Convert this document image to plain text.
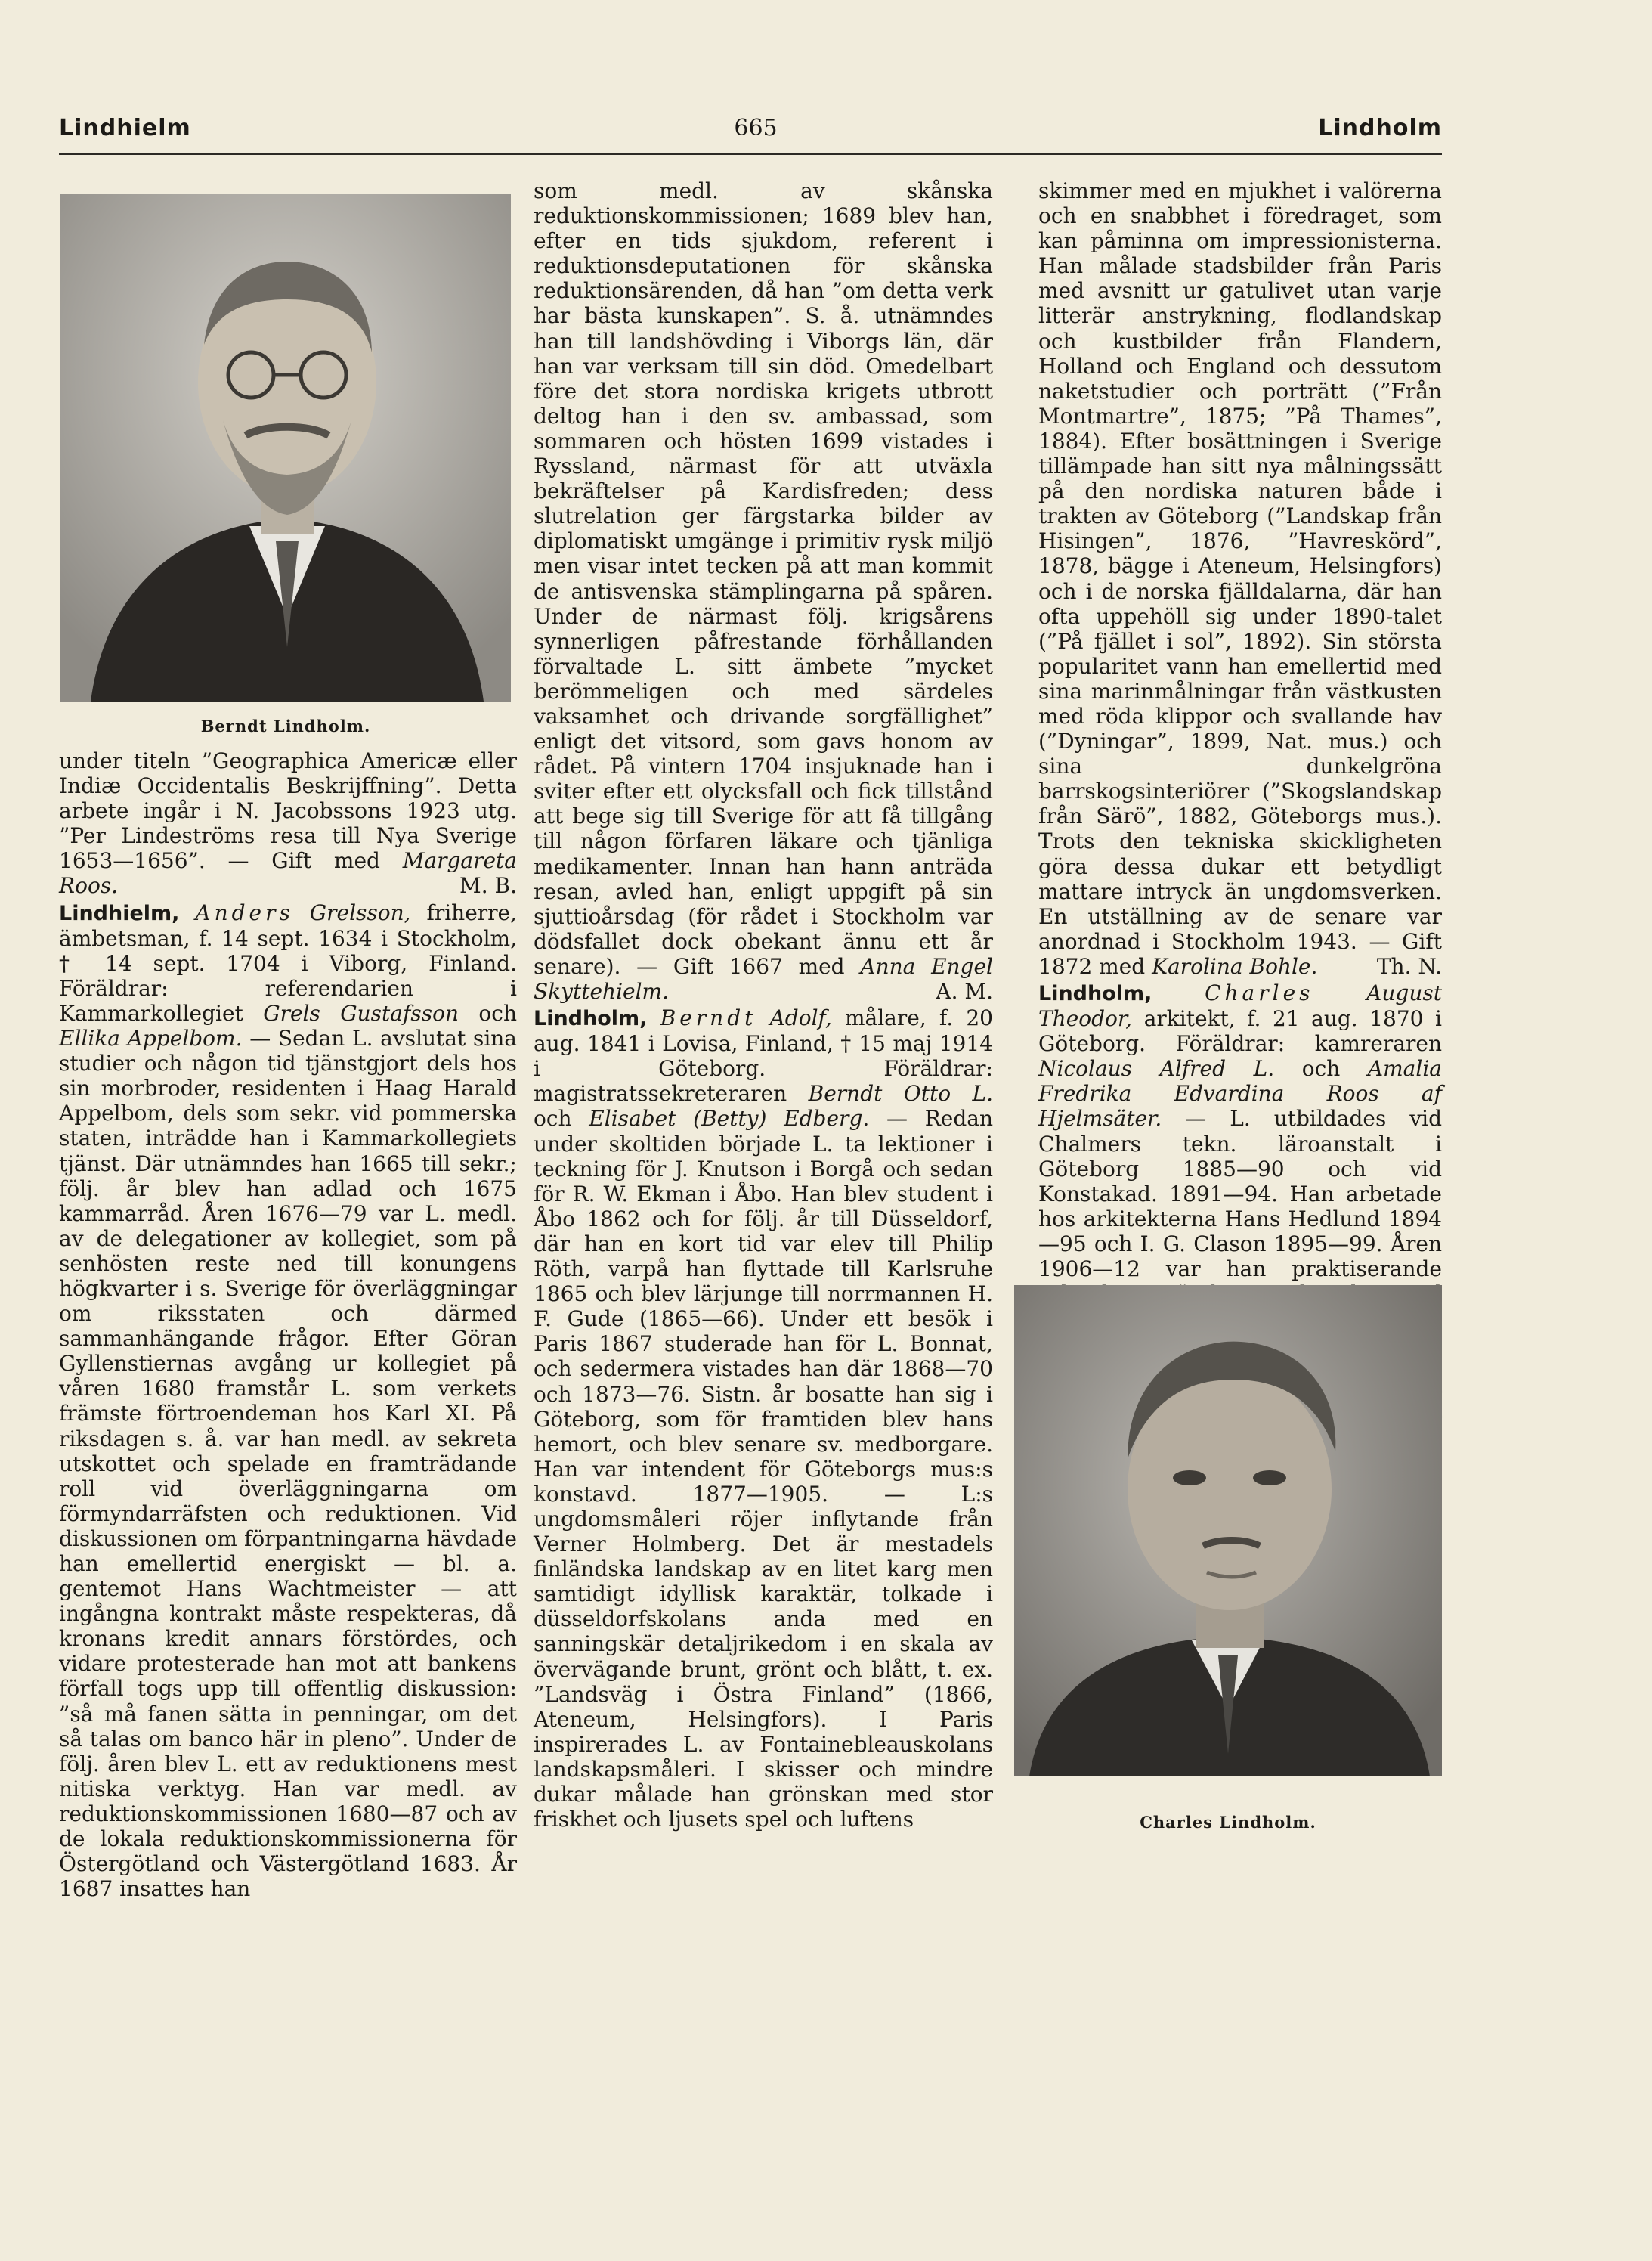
Lindhielm	665	Lindholm
Berndt Lindholm.

under titeln ”Geographica Americæ eller Indiæ Occidentalis Beskrijffning”. Detta arbete ingår i N. Jacobssons 1923 utg. ”Per Lindeströms resa till Nya Sverige 1653—1656”. — Gift med Margareta Roos.	M. B.

Lindhielm, Anders Grelsson, friherre, ämbetsman, f. 14 sept. 1634 i Stockholm, † 14 sept. 1704 i Viborg, Finland. Föräldrar: referendarien i Kammarkollegiet Grels Gustafsson och Ellika Appelbom. — Sedan L. avslutat sina studier och någon tid tjänstgjort dels hos sin morbroder, residenten i Haag Harald Appelbom, dels som sekr. vid pommerska staten, inträdde han i Kammarkollegiets tjänst. Där utnämndes han 1665 till sekr.; följ. år blev han adlad och 1675 kammarråd. Åren 1676—79 var L. medl. av de delegationer av kollegiet, som på senhösten reste ned till konungens högkvarter i s. Sverige för överläggningar om riksstaten och därmed sammanhängande frågor. Efter Göran Gyllenstiernas avgång ur kollegiet på våren 1680 framstår L. som verkets främste förtroendeman hos Karl XI. På riksdagen s. å. var han medl. av sekreta utskottet och spelade en framträdande roll vid överläggningarna om förmyndarräfsten och reduktionen. Vid diskussionen om förpantningarna hävdade han emellertid energiskt — bl. a. gentemot Hans Wachtmeister — att ingångna kontrakt måste respekteras, då kronans kredit annars förstördes, och vidare protesterade han mot att bankens förfall togs upp till offentlig diskussion: ”så må fanen sätta in penningar, om det så talas om banco här in pleno”. Under de följ. åren blev L. ett av reduktionens mest nitiska verktyg. Han var medl. av reduktionskommissionen 1680—87 och av de lokala reduktionskommissionerna för Östergötland och Västergötland 1683. År 1687 insattes han

som medl. av skånska reduktionskommissionen; 1689 blev han, efter en tids sjukdom, referent i reduktionsdeputationen för skånska reduktionsärenden, då han ”om detta verk har bästa kunskapen”. S. å. utnämndes han till landshövding i Viborgs län, där han var verksam till sin död. Omedelbart före det stora nordiska krigets utbrott deltog han i den sv. ambassad, som sommaren och hösten 1699 vistades i Ryssland, närmast för att utväxla bekräftelser på Kardisfreden; dess slutrelation ger färgstarka bilder av diplomatiskt umgänge i primitiv rysk miljö men visar intet tecken på att man kommit de antisvenska stämplingarna på spåren. Under de närmast följ. krigsårens synnerligen påfrestande förhållanden förvaltade L. sitt ämbete ”mycket berömmeligen och med särdeles vaksamhet och drivande sorgfällighet” enligt det vitsord, som gavs honom av rådet. På vintern 1704 insjuknade han i sviter efter ett olycksfall och fick tillstånd att bege sig till Sverige för att få tillgång till någon förfaren läkare och tjänliga medikamenter. Innan han hann anträda resan, avled han, enligt uppgift på sin sjuttioårsdag (för rådet i Stockholm var dödsfallet dock obekant ännu ett år senare). — Gift 1667 med Anna Engel Skyttehielm.	A. M.

Lindholm, Berndt Adolf, målare, f. 20 aug. 1841 i Lovisa, Finland, † 15 maj 1914 i Göteborg. Föräldrar: magistratssekreteraren Berndt Otto L. och Elisabet (Betty) Edberg. — Redan under skoltiden började L. ta lektioner i teckning för J. Knutson i Borgå och sedan för R. W. Ekman i Åbo. Han blev student i Åbo 1862 och for följ. år till Düsseldorf, där han en kort tid var elev till Philip Röth, varpå han flyttade till Karlsruhe 1865 och blev lärjunge till norrmannen H. F. Gude (1865—66). Under ett besök i Paris 1867 studerade han för L. Bonnat, och sedermera vistades han där 1868—70 och 1873—76. Sistn. år bosatte han sig i Göteborg, som för framtiden blev hans hemort, och blev senare sv. medborgare. Han var intendent för Göteborgs mus:s konstavd. 1877—1905. — L:s ungdomsmåleri röjer inflytande från Verner Holmberg. Det är mestadels finländska landskap av en litet karg men samtidigt idyllisk karaktär, tolkade i düsseldorfskolans anda med en sanningskär detaljrikedom i en skala av övervägande brunt, grönt och blått, t. ex. ”Landsväg i Östra Finland” (1866, Ateneum, Helsingfors). I Paris inspirerades L. av Fontainebleauskolans landskapsmåleri. I skisser och mindre dukar målade han grönskan med stor friskhet och ljusets spel och luftens

skimmer med en mjukhet i valörerna och en snabbhet i föredraget, som kan påminna om impressionisterna. Han målade stadsbilder från Paris med avsnitt ur gatulivet utan varje litterär anstrykning, flodlandskap och kustbilder från Flandern, Holland och England och dessutom naketstudier och porträtt (”Från Montmartre”, 1875; ”På Thames”, 1884). Efter bosättningen i Sverige tillämpade han sitt nya målningssätt på den nordiska naturen både i trakten av Göteborg (”Landskap från Hisingen”, 1876, ”Havreskörd”, 1878, bägge i Ateneum, Helsingfors) och i de norska fjälldalarna, där han ofta uppehöll sig under 1890-talet (”På fjället i sol”, 1892). Sin största popularitet vann han emellertid med sina marinmålningar från västkusten med röda klippor och svallande hav (”Dyningar”, 1899, Nat. mus.) och sina dunkelgröna barrskogsinteriörer (”Skogslandskap från Särö”, 1882, Göteborgs mus.). Trots den tekniska skickligheten göra dessa dukar ett betydligt mattare intryck än ungdomsverken. En utställning av de senare var anordnad i Stockholm 1943. — Gift 1872 med Karolina Bohle.	Th. N.

Lindholm, Charles August Theodor, arkitekt, f. 21 aug. 1870 i Göteborg. Föräldrar: kamreraren Nicolaus Alfred L. och Amalia Fredrika Edvardina Roos af Hjelmsäter. — L. utbildades vid Chalmers tekn. läroanstalt i Göteborg 1885—90 och vid Konstakad. 1891—94. Han arbetade hos arkitekterna Hans Hedlund 1894—95 och I. G. Clason 1895—99. Åren 1906—12 var han praktiserande

Charles Lindholm.
